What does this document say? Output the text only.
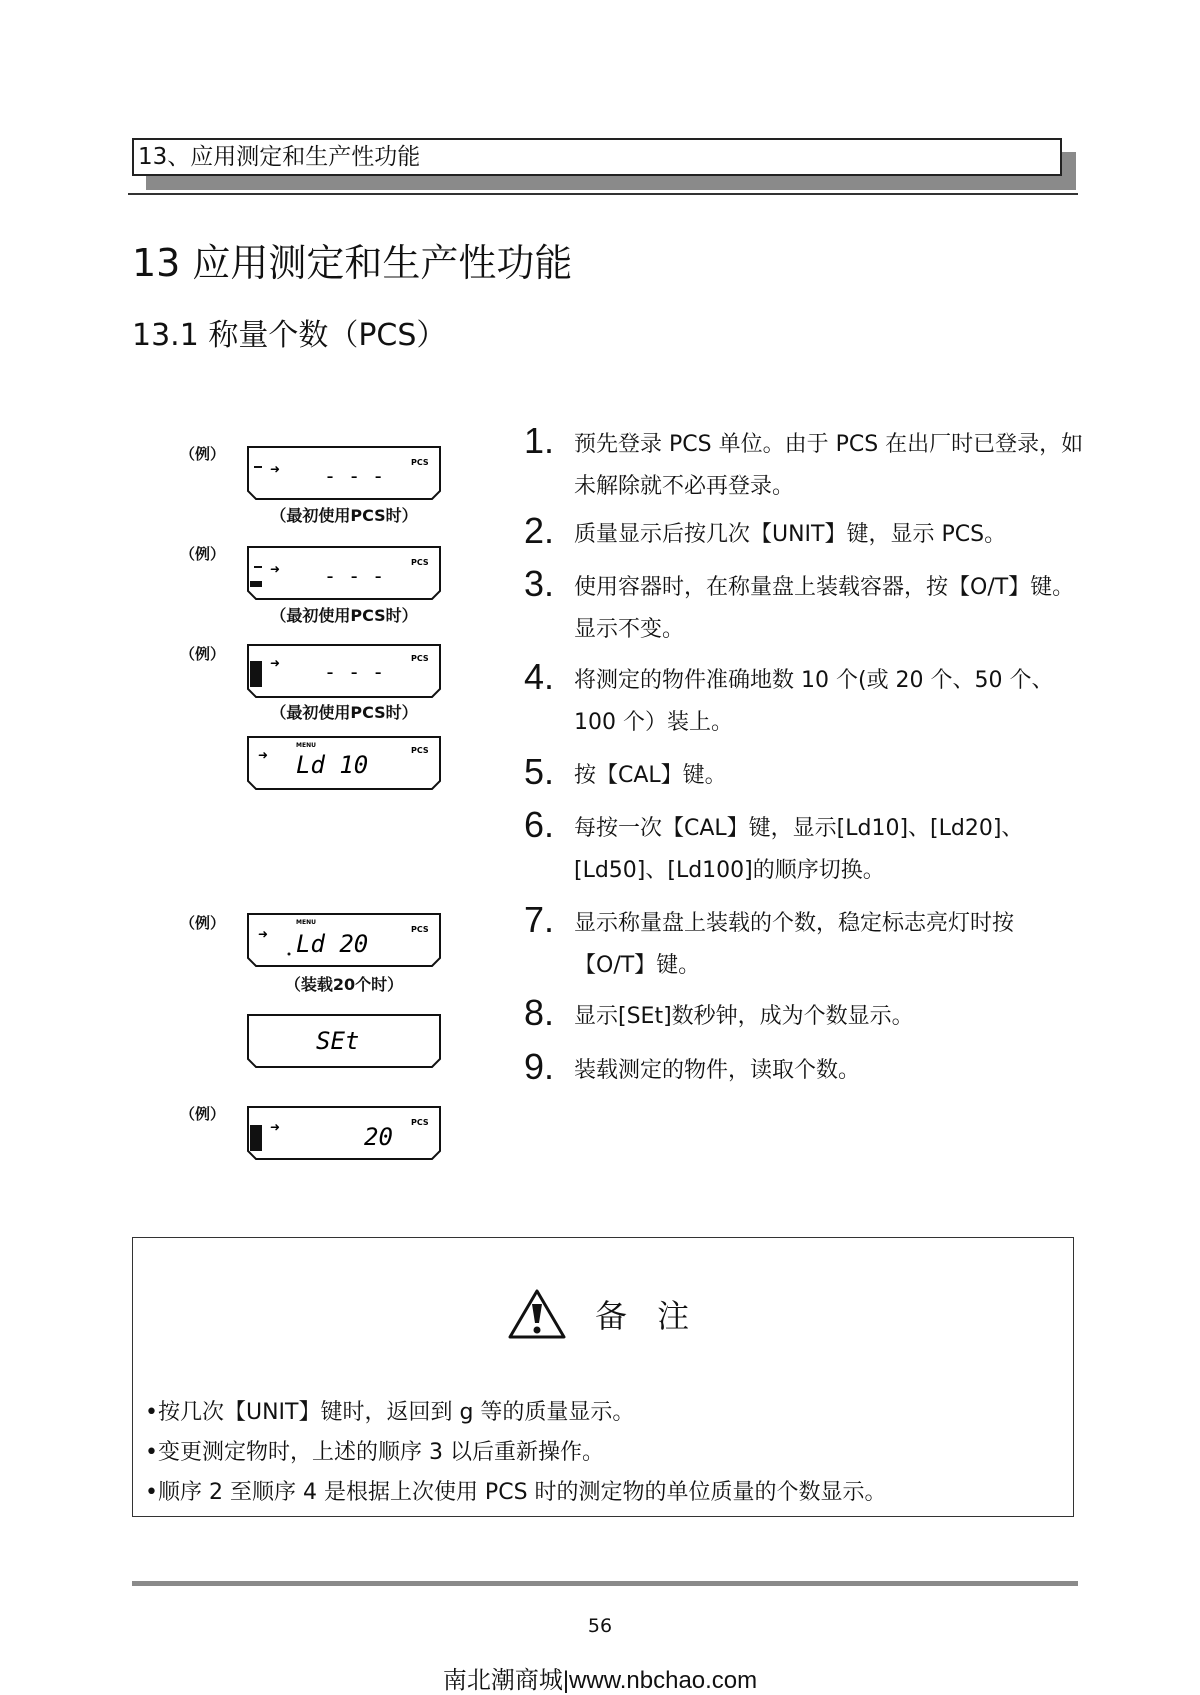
13、应用测定和生产性功能
13 应用测定和生产性功能
13.1 称量个数（PCS）
（例）
➜ - - -
PCS
（最初使用PCS时）
（例）
➜ - - -
PCS
（最初使用PCS时）
（例）	➜ - - -
PCS
（最初使用PCS时）
➜
MENU
Ld 10
PCS
（例）
➜
MENU
Ld 20
PCS
（装载20个时）
SEt
（例）
➜	20
PCS
1. 预先登录 PCS 单位。由于 PCS 在出厂时已登录，如未解除就不必再登录。
2. 质量显示后按几次【UNIT】键，显示 PCS。
3. 使用容器时，在称量盘上装载容器，按【O/T】键。显示不变。
4. 将测定的物件准确地数 10 个(或 20 个、50 个、100 个）装上。
5. 按【CAL】键。
6. 每按一次【CAL】键，显示[Ld10]、[Ld20]、[Ld50]、[Ld100]的顺序切换。
7. 显示称量盘上装载的个数，稳定标志亮灯时按【O/T】键。
8. 显示[SEt]数秒钟，成为个数显示。
9. 装载测定的物件，读取个数。
备 注
•按几次【UNIT】键时，返回到 g 等的质量显示。
•变更测定物时，上述的顺序 3 以后重新操作。
•顺序 2 至顺序 4 是根据上次使用 PCS 时的测定物的单位质量的个数显示。
56
南北潮商城|www.nbchao.com
